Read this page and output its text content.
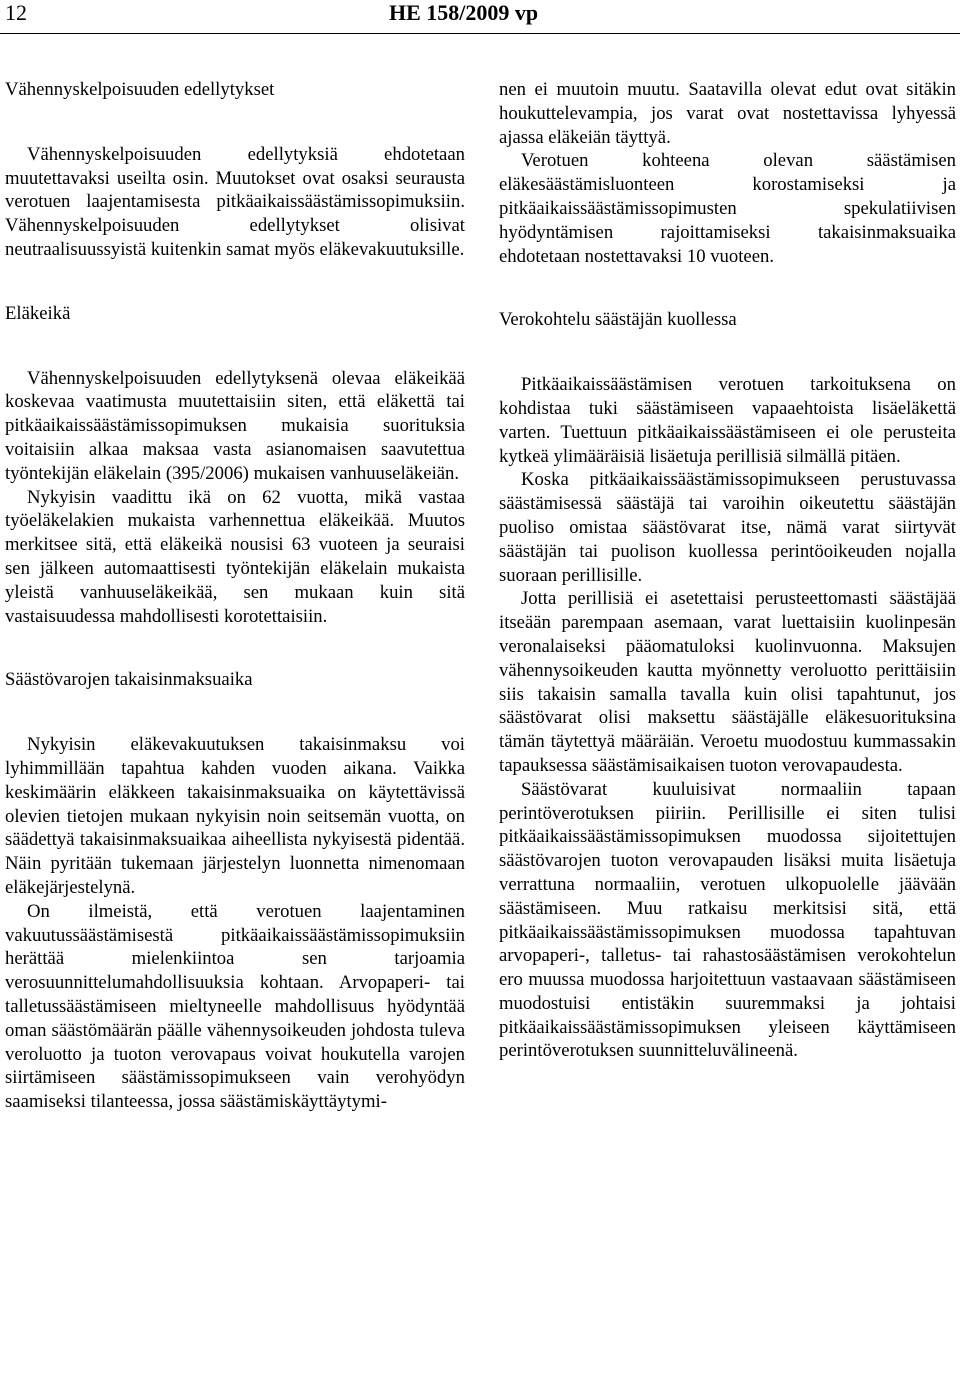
12	HE 158/2009 vp

Vähennyskelpoisuuden edellytykset

Vähennyskelpoisuuden edellytyksiä ehdotetaan muutettavaksi useilta osin. Muutokset ovat osaksi seurausta verotuen laajentamisesta pitkäaikaissäästämissopimuksiin. Vähennyskelpoisuuden edellytykset olisivat neutraalisuussyistä kuitenkin samat myös eläkevakuutuksille.

Eläkeikä

Vähennyskelpoisuuden edellytyksenä olevaa eläkeikää koskevaa vaatimusta muutettaisiin siten, että eläkettä tai pitkäaikaissäästämissopimuksen mukaisia suorituksia voitaisiin alkaa maksaa vasta asianomaisen saavutettua työntekijän eläkelain (395/2006) mukaisen vanhuuseläkeiän.

Nykyisin vaadittu ikä on 62 vuotta, mikä vastaa työeläkelakien mukaista varhennettua eläkeikää. Muutos merkitsee sitä, että eläkeikä nousisi 63 vuoteen ja seuraisi sen jälkeen automaattisesti työntekijän eläkelain mukaista yleistä vanhuuseläkeikää, sen mukaan kuin sitä vastaisuudessa mahdollisesti korotettaisiin.

Säästövarojen takaisinmaksuaika

Nykyisin eläkevakuutuksen takaisinmaksu voi lyhimmillään tapahtua kahden vuoden aikana. Vaikka keskimäärin eläkkeen takaisinmaksuaika on käytettävissä olevien tietojen mukaan nykyisin noin seitsemän vuotta, on säädettyä takaisinmaksuaikaa aiheellista nykyisestä pidentää. Näin pyritään tukemaan järjestelyn luonnetta nimenomaan eläkejärjestelynä.

On ilmeistä, että verotuen laajentaminen vakuutussäästämisestä pitkäaikaissäästämissopimuksiin herättää mielenkiintoa sen tarjoamia verosuunnittelumahdollisuuksia kohtaan. Arvopaperi- tai talletussäästämiseen mieltyneelle mahdollisuus hyödyntää oman säästömäärän päälle vähennysoikeuden johdosta tuleva veroluotto ja tuoton verovapaus voivat houkutella varojen siirtämiseen säästämissopimukseen vain verohyödyn saamiseksi tilanteessa, jossa säästämiskäyttäytymi-

nen ei muutoin muutu. Saatavilla olevat edut ovat sitäkin houkuttelevampia, jos varat ovat nostettavissa lyhyessä ajassa eläkeiän täyttyä.

Verotuen kohteena olevan säästämisen eläkesäästämisluonteen korostamiseksi ja pitkäaikaissäästämissopimusten spekulatiivisen hyödyntämisen rajoittamiseksi takaisinmaksuaika ehdotetaan nostettavaksi 10 vuoteen.

Verokohtelu säästäjän kuollessa

Pitkäaikaissäästämisen verotuen tarkoituksena on kohdistaa tuki säästämiseen vapaaehtoista lisäeläkettä varten. Tuettuun pitkäaikaissäästämiseen ei ole perusteita kytkeä ylimääräisiä lisäetuja perillisiä silmällä pitäen.

Koska pitkäaikaissäästämissopimukseen perustuvassa säästämisessä säästäjä tai varoihin oikeutettu säästäjän puoliso omistaa säästövarat itse, nämä varat siirtyvät säästäjän tai puolison kuollessa perintöoikeuden nojalla suoraan perillisille.

Jotta perillisiä ei asetettaisi perusteettomasti säästäjää itseään parempaan asemaan, varat luettaisiin kuolinpesän veronalaiseksi pääomatuloksi kuolinvuonna. Maksujen vähennysoikeuden kautta myönnetty veroluotto perittäisiin siis takaisin samalla tavalla kuin olisi tapahtunut, jos säästövarat olisi maksettu säästäjälle eläkesuorituksina tämän täytettyä määräiän. Veroetu muodostuu kummassakin tapauksessa säästämisaikaisen tuoton verovapaudesta.

Säästövarat kuuluisivat normaaliin tapaan perintöverotuksen piiriin. Perillisille ei siten tulisi pitkäaikaissäästämissopimuksen muodossa sijoitettujen säästövarojen tuoton verovapauden lisäksi muita lisäetuja verrattuna normaaliin, verotuen ulkopuolelle jäävään säästämiseen. Muu ratkaisu merkitsisi sitä, että pitkäaikaissäästämissopimuksen muodossa tapahtuvan arvopaperi-, talletus- tai rahastosäästämisen verokohtelun ero muussa muodossa harjoitettuun vastaavaan säästämiseen muodostuisi entistäkin suuremmaksi ja johtaisi pitkäaikaissäästämissopimuksen yleiseen käyttämiseen perintöverotuksen suunnitteluvälineenä.
